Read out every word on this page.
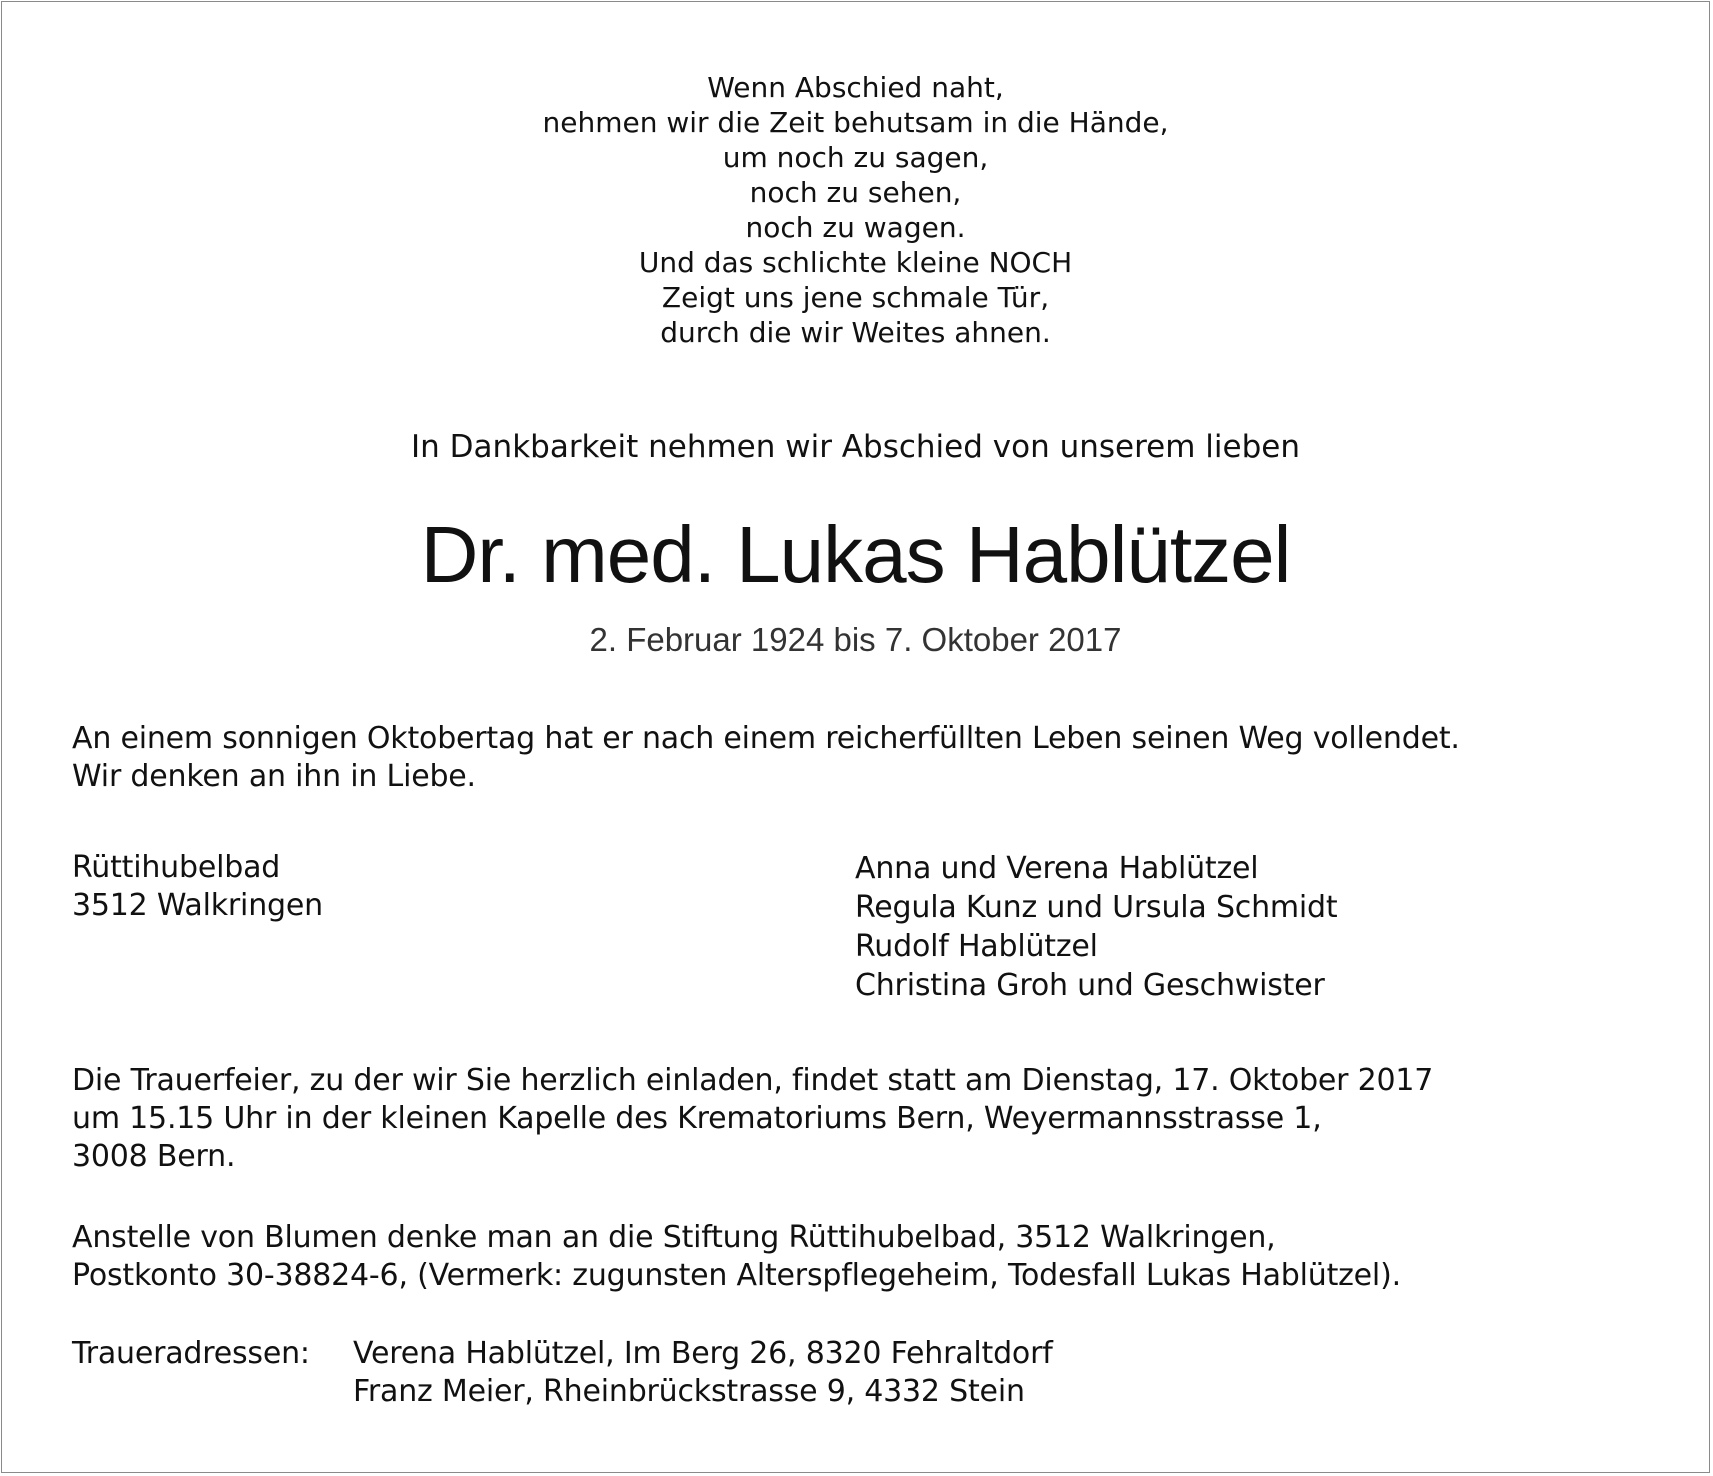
Wenn Abschied naht,
nehmen wir die Zeit behutsam in die Hände,
um noch zu sagen,
noch zu sehen,
noch zu wagen.
Und das schlichte kleine NOCH
Zeigt uns jene schmale Tür,
durch die wir Weites ahnen.
In Dankbarkeit nehmen wir Abschied von unserem lieben
Dr. med. Lukas Hablützel
2. Februar 1924 bis 7. Oktober 2017
An einem sonnigen Oktobertag hat er nach einem reicherfüllten Leben seinen Weg vollendet.
Wir denken an ihn in Liebe.
Rüttihubelbad
3512 Walkringen
Anna und Verena Hablützel
Regula Kunz und Ursula Schmidt
Rudolf Hablützel
Christina Groh und Geschwister
Die Trauerfeier, zu der wir Sie herzlich einladen, findet statt am Dienstag, 17. Oktober 2017
um 15.15 Uhr in der kleinen Kapelle des Krematoriums Bern, Weyermannsstrasse 1,
3008 Bern.
Anstelle von Blumen denke man an die Stiftung Rüttihubelbad, 3512 Walkringen,
Postkonto 30-38824-6, (Vermerk: zugunsten Alterspflegeheim, Todesfall Lukas Hablützel).
Traueradressen: Verena Hablützel, Im Berg 26, 8320 Fehraltdorf
Franz Meier, Rheinbrückstrasse 9, 4332 Stein
